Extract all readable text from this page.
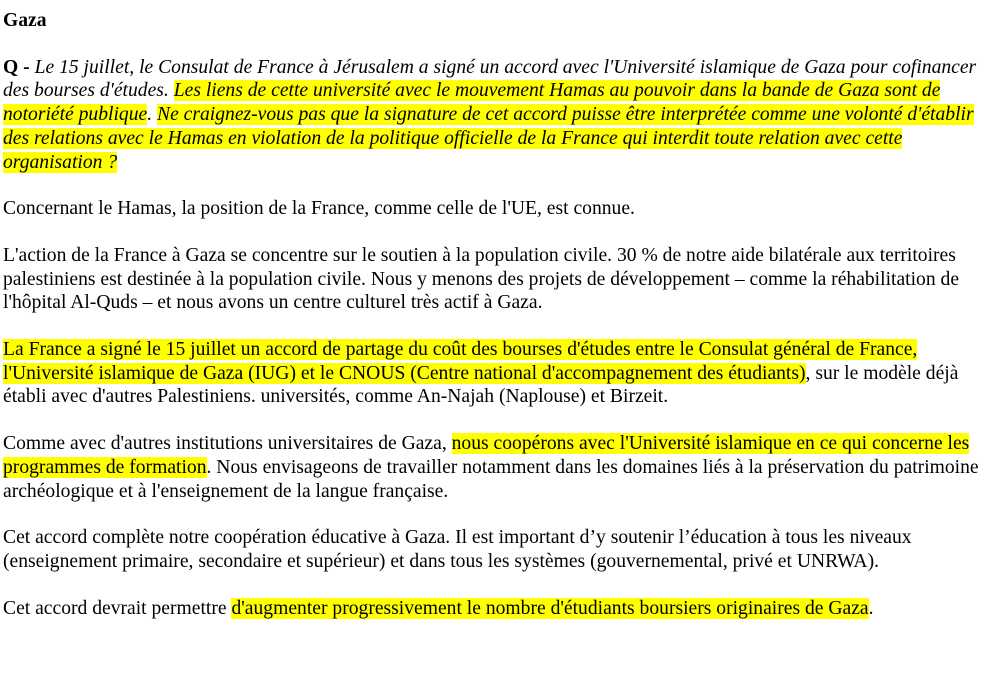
Gaza

Q - Le 15 juillet, le Consulat de France à Jérusalem a signé un accord avec l'Université islamique de Gaza pour cofinancer des bourses d'études. Les liens de cette université avec le mouvement Hamas au pouvoir dans la bande de Gaza sont de notoriété publique. Ne craignez-vous pas que la signature de cet accord puisse être interprétée comme une volonté d'établir des relations avec le Hamas en violation de la politique officielle de la France qui interdit toute relation avec cette organisation ?

Concernant le Hamas, la position de la France, comme celle de l'UE, est connue.

L'action de la France à Gaza se concentre sur le soutien à la population civile. 30 % de notre aide bilatérale aux territoires palestiniens est destinée à la population civile. Nous y menons des projets de développement – comme la réhabilitation de l'hôpital Al-Quds – et nous avons un centre culturel très actif à Gaza.

La France a signé le 15 juillet un accord de partage du coût des bourses d'études entre le Consulat général de France, l'Université islamique de Gaza (IUG) et le CNOUS (Centre national d'accompagnement des étudiants), sur le modèle déjà établi avec d'autres Palestiniens. universités, comme An-Najah (Naplouse) et Birzeit.

Comme avec d'autres institutions universitaires de Gaza, nous coopérons avec l'Université islamique en ce qui concerne les programmes de formation. Nous envisageons de travailler notamment dans les domaines liés à la préservation du patrimoine archéologique et à l'enseignement de la langue française.

Cet accord complète notre coopération éducative à Gaza. Il est important d’y soutenir l’éducation à tous les niveaux (enseignement primaire, secondaire et supérieur) et dans tous les systèmes (gouvernemental, privé et UNRWA).

Cet accord devrait permettre d'augmenter progressivement le nombre d'étudiants boursiers originaires de Gaza.
